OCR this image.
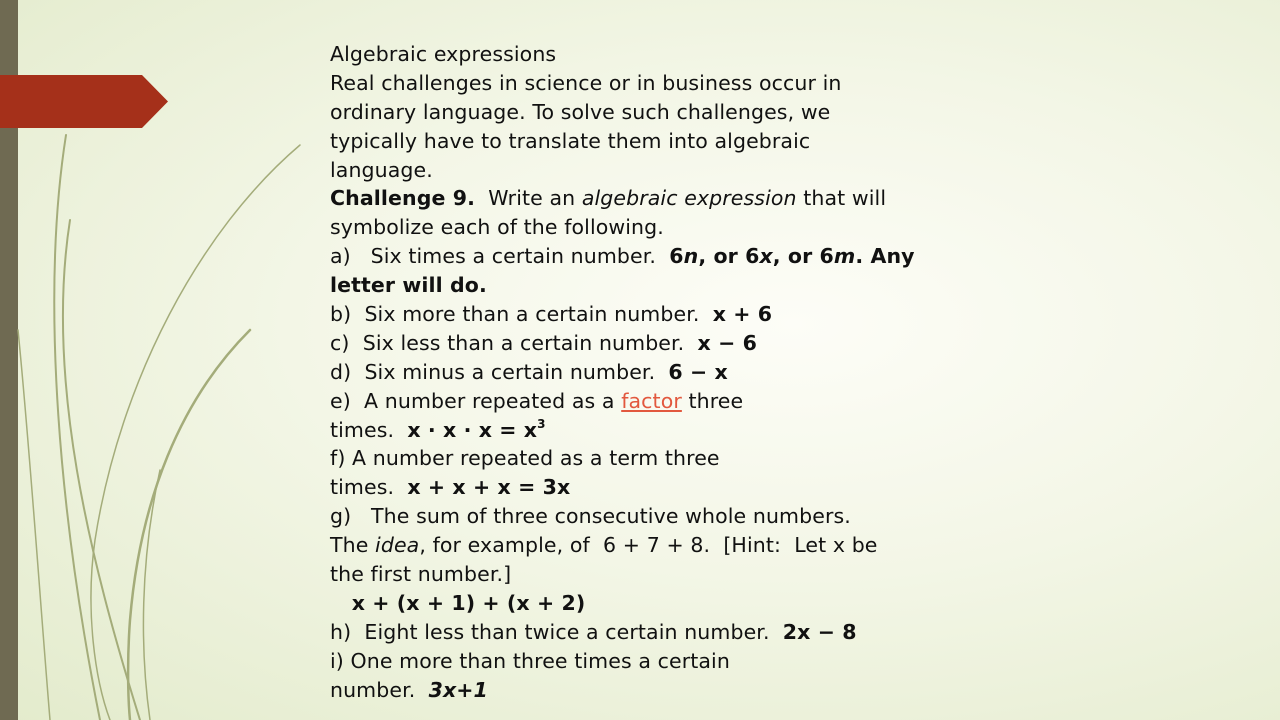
Algebraic expressions
Real challenges in science or in business occur in
ordinary language. To solve such challenges, we
typically have to translate them into algebraic
language.
Challenge 9.  Write an algebraic expression that will
symbolize each of the following.
a)   Six times a certain number.  6n, or 6x, or 6m. Any
letter will do.
b)  Six more than a certain number.  x + 6
c)  Six less than a certain number.  x − 6
d)  Six minus a certain number.  6 − x
e)  A number repeated as a factor three
times.  $x \cdot x \cdot x = x^3$
f) A number repeated as a term three
times.  x + x + x = 3x
g)   The sum of three consecutive whole numbers.
The idea, for example, of  6 + 7 + 8.  [Hint:  Let x be
the first number.]
x + (x + 1) + (x + 2)
h)  Eight less than twice a certain number.  2x − 8
i) One more than three times a certain
number.  3x+1
